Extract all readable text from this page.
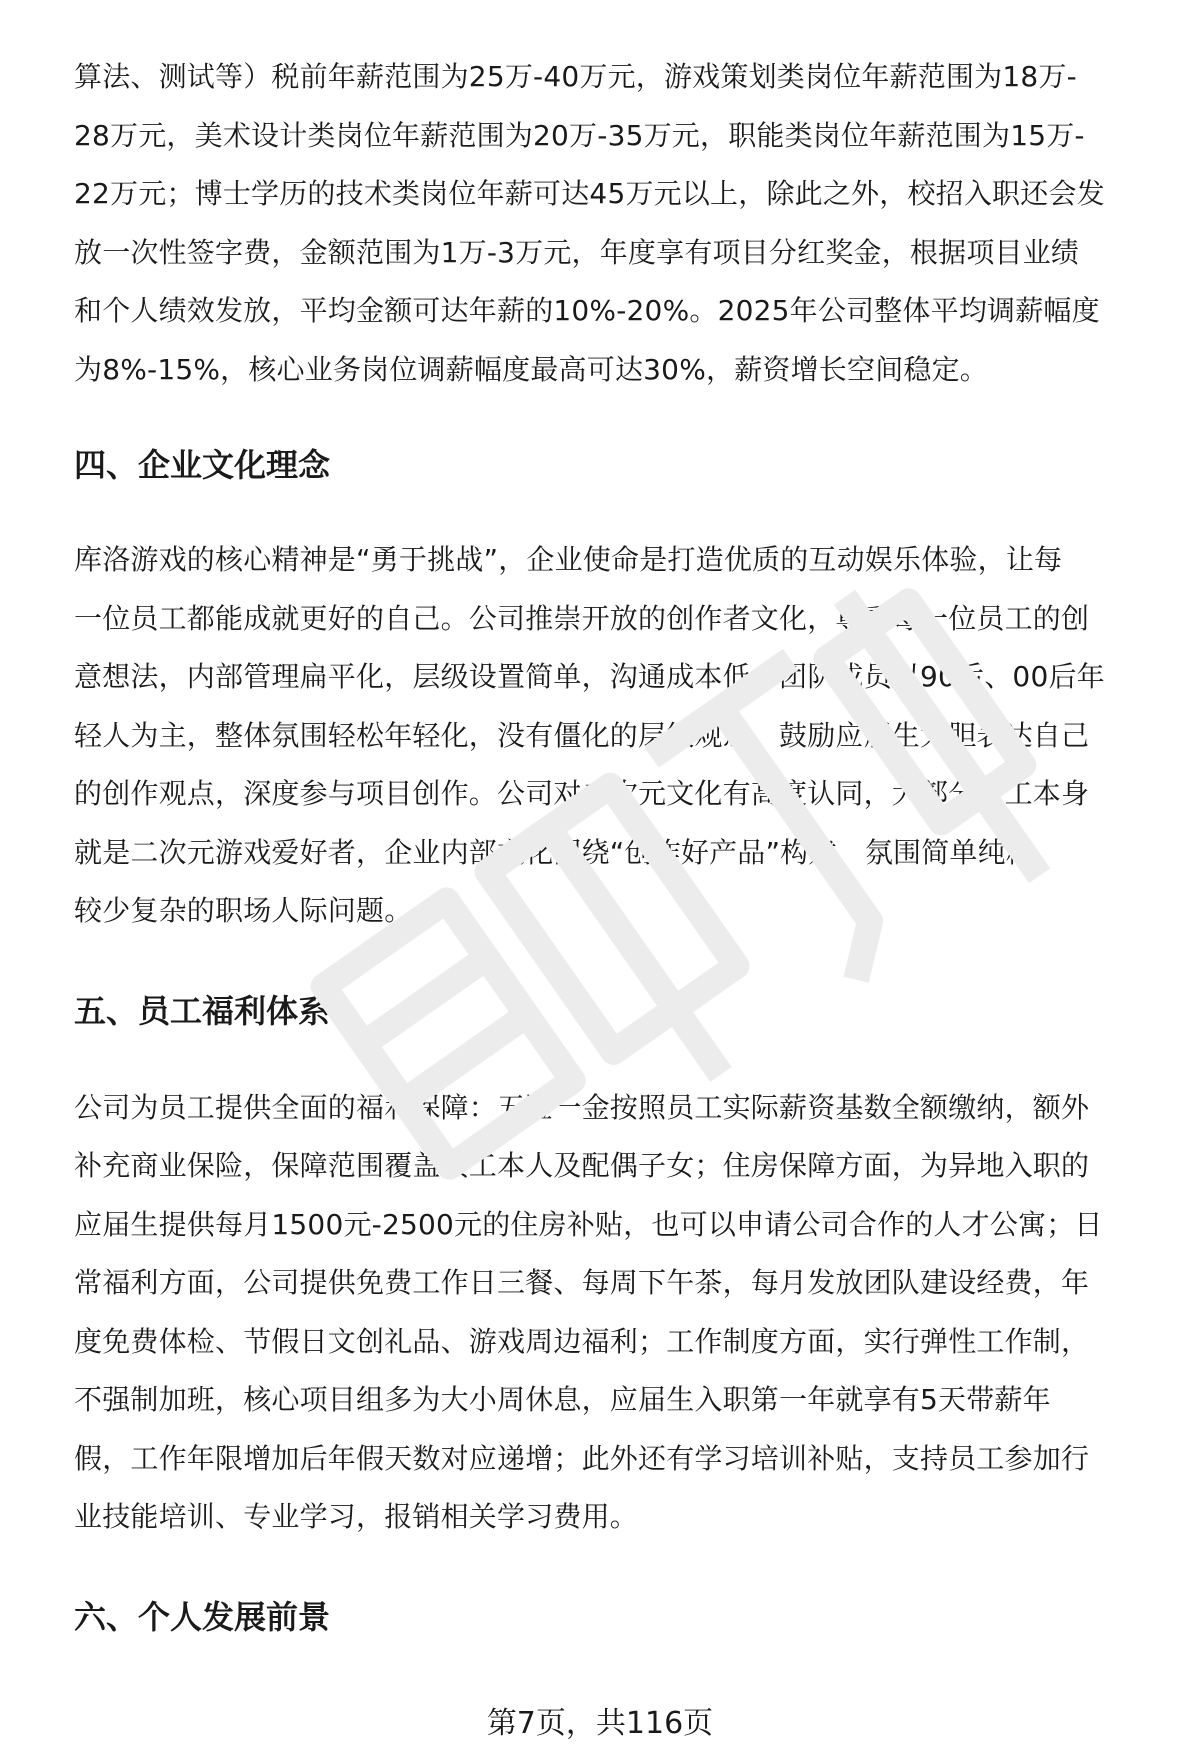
算法、测试等）税前年薪范围为25万-40万元，游戏策划类岗位年薪范围为18万-
28万元，美术设计类岗位年薪范围为20万-35万元，职能类岗位年薪范围为15万-
22万元；博士学历的技术类岗位年薪可达45万元以上，除此之外，校招入职还会发
放一次性签字费，金额范围为1万-3万元，年度享有项目分红奖金，根据项目业绩
和个人绩效发放，平均金额可达年薪的10%-20%。2025年公司整体平均调薪幅度
为8%-15%，核心业务岗位调薪幅度最高可达30%，薪资增长空间稳定。

四、企业文化理念

库洛游戏的核心精神是“勇于挑战”，企业使命是打造优质的互动娱乐体验，让每
一位员工都能成就更好的自己。公司推崇开放的创作者文化，尊重每一位员工的创
意想法，内部管理扁平化，层级设置简单，沟通成本低，团队成员以90后、00后年
轻人为主，整体氛围轻松年轻化，没有僵化的层级观念，鼓励应届生大胆表达自己
的创作观点，深度参与项目创作。公司对二次元文化有高度认同，大部分员工本身
就是二次元游戏爱好者，企业内部文化围绕“创作好产品”构建，氛围简单纯粹，
较少复杂的职场人际问题。

五、员工福利体系

公司为员工提供全面的福利保障：五险一金按照员工实际薪资基数全额缴纳，额外
补充商业保险，保障范围覆盖员工本人及配偶子女；住房保障方面，为异地入职的
应届生提供每月1500元-2500元的住房补贴，也可以申请公司合作的人才公寓；日
常福利方面，公司提供免费工作日三餐、每周下午茶，每月发放团队建设经费，年
度免费体检、节假日文创礼品、游戏周边福利；工作制度方面，实行弹性工作制，
不强制加班，核心项目组多为大小周休息，应届生入职第一年就享有5天带薪年
假，工作年限增加后年假天数对应递增；此外还有学习培训补贴，支持员工参加行
业技能培训、专业学习，报销相关学习费用。

六、个人发展前景
第7页，共116页
